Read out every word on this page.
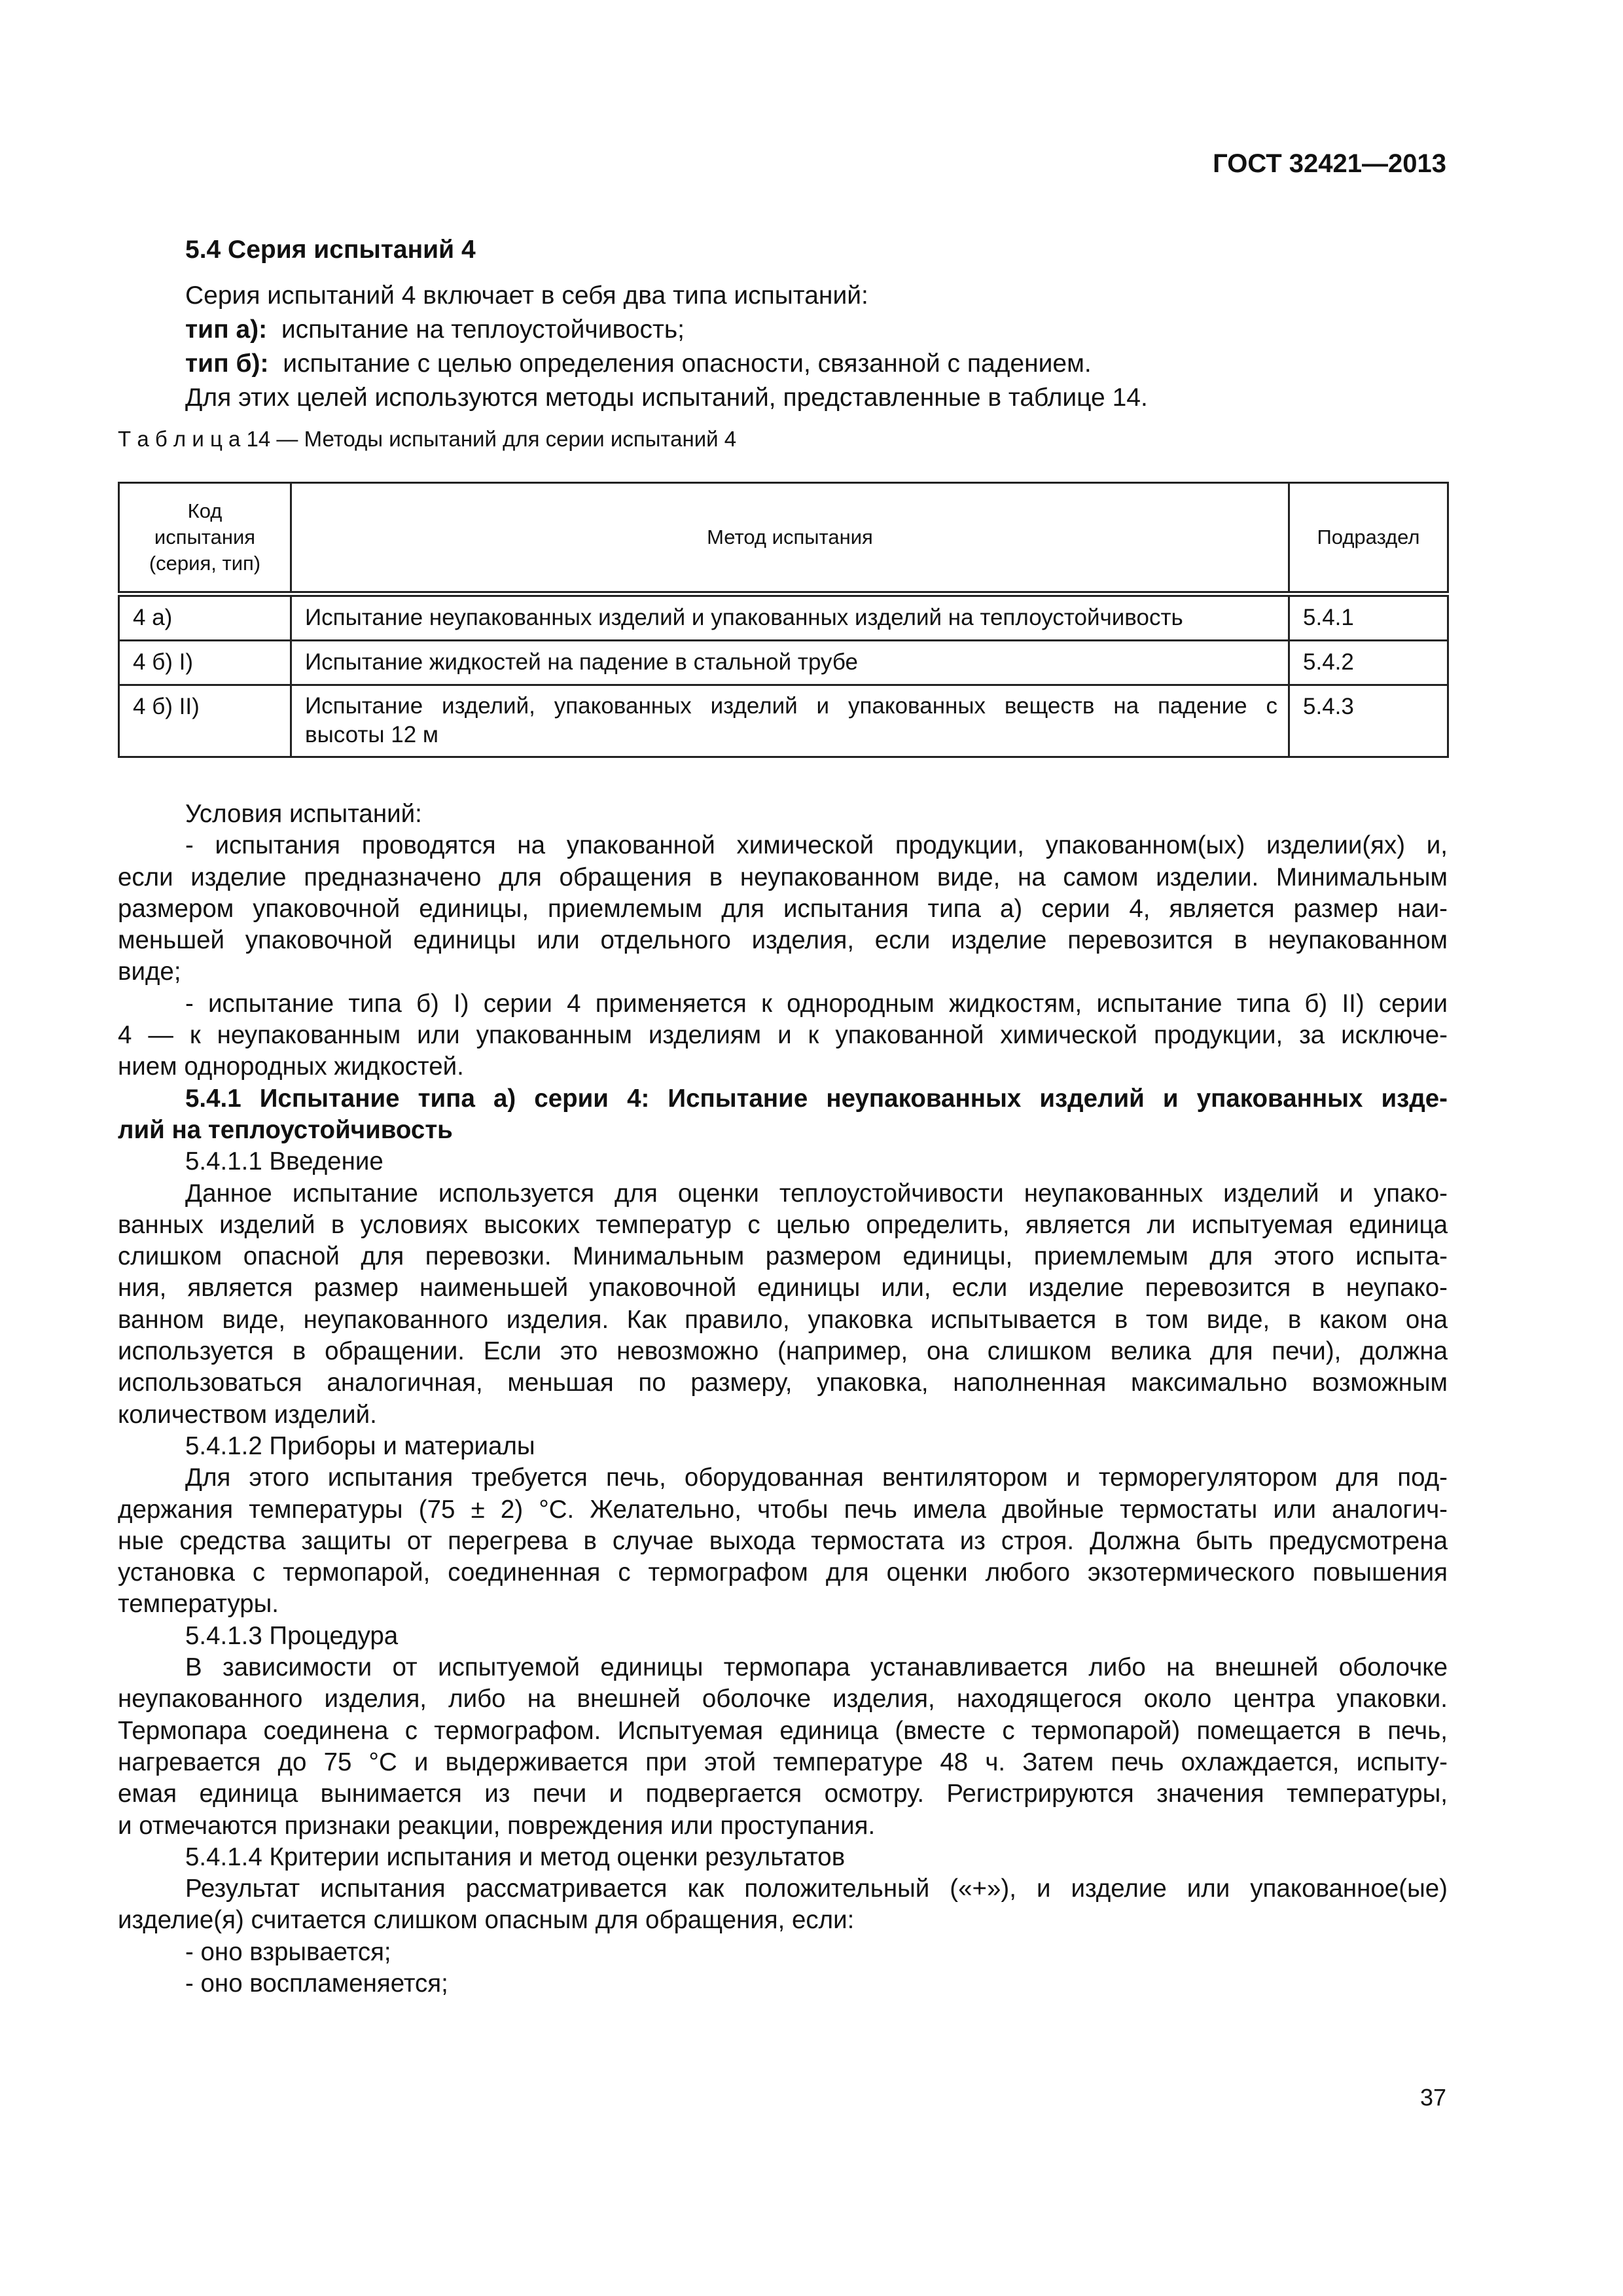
ГОСТ 32421—2013
5.4 Серия испытаний 4
Серия испытаний 4 включает в себя два типа испытаний:
тип а): испытание на теплоустойчивость;
тип б): испытание с целью определения опасности, связанной с падением.
Для этих целей используются методы испытаний, представленные в таблице 14.
Т а б л и ц а 14 — Методы испытаний для серии испытаний 4
Код
испытания
(серия, тип)	Метод испытания	Подраздел
4 а)	Испытание неупакованных изделий и упакованных изделий на теплоустойчивость	5.4.1
4 б) I)	Испытание жидкостей на падение в стальной трубе	5.4.2
4 б) II)	Испытание изделий, упакованных изделий и упакованных веществ на падение с
высоты 12 м	5.4.3
Условия испытаний:
- испытания проводятся на упакованной химической продукции, упакованном(ых) изделии(ях) и,
если изделие предназначено для обращения в неупакованном виде, на самом изделии. Минимальным
размером упаковочной единицы, приемлемым для испытания типа а) серии 4, является размер наи-
меньшей упаковочной единицы или отдельного изделия, если изделие перевозится в неупакованном
виде;
- испытание типа б) I) серии 4 применяется к однородным жидкостям, испытание типа б) II) серии
4 — к неупакованным или упакованным изделиям и к упакованной химической продукции, за исключе-
нием однородных жидкостей.
5.4.1 Испытание типа а) серии 4: Испытание неупакованных изделий и упакованных изде-
лий на теплоустойчивость
5.4.1.1 Введение
Данное испытание используется для оценки теплоустойчивости неупакованных изделий и упако-
ванных изделий в условиях высоких температур с целью определить, является ли испытуемая единица
слишком опасной для перевозки. Минимальным размером единицы, приемлемым для этого испыта-
ния, является размер наименьшей упаковочной единицы или, если изделие перевозится в неупако-
ванном виде, неупакованного изделия. Как правило, упаковка испытывается в том виде, в каком она
используется в обращении. Если это невозможно (например, она слишком велика для печи), должна
использоваться аналогичная, меньшая по размеру, упаковка, наполненная максимально возможным
количеством изделий.
5.4.1.2 Приборы и материалы
Для этого испытания требуется печь, оборудованная вентилятором и терморегулятором для под-
держания температуры (75 ± 2) °С. Желательно, чтобы печь имела двойные термостаты или аналогич-
ные средства защиты от перегрева в случае выхода термостата из строя. Должна быть предусмотрена
установка с термопарой, соединенная с термографом для оценки любого экзотермического повышения
температуры.
5.4.1.3 Процедура
В зависимости от испытуемой единицы термопара устанавливается либо на внешней оболочке
неупакованного изделия, либо на внешней оболочке изделия, находящегося около центра упаковки.
Термопара соединена с термографом. Испытуемая единица (вместе с термопарой) помещается в печь,
нагревается до 75 °С и выдерживается при этой температуре 48 ч. Затем печь охлаждается, испыту-
емая единица вынимается из печи и подвергается осмотру. Регистрируются значения температуры,
и отмечаются признаки реакции, повреждения или проступания.
5.4.1.4 Критерии испытания и метод оценки результатов
Результат испытания рассматривается как положительный («+»), и изделие или упакованное(ые)
изделие(я) считается слишком опасным для обращения, если:
- оно взрывается;
- оно воспламеняется;
37
